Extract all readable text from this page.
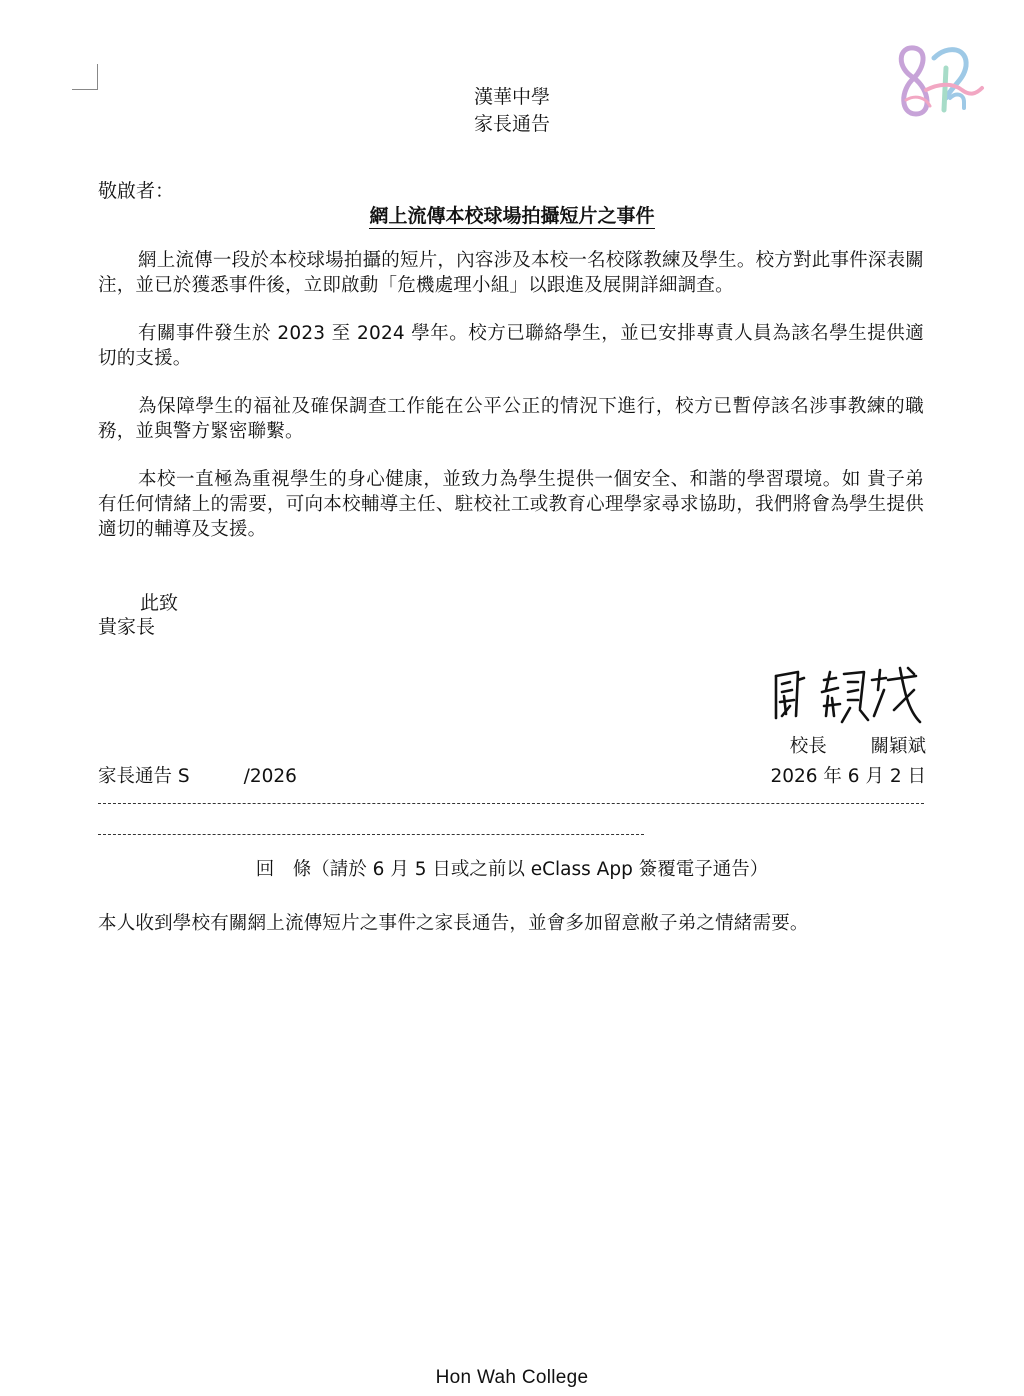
漢華中學
家長通告
敬啟者：
網上流傳本校球場拍攝短片之事件
網上流傳一段於本校球場拍攝的短片，內容涉及本校一名校隊教練及學生。校方對此事件深表關注，並已於獲悉事件後，立即啟動「危機處理小組」以跟進及展開詳細調查。
有關事件發生於 2023 至 2024 學年。校方已聯絡學生，並已安排專責人員為該名學生提供適切的支援。
為保障學生的福祉及確保調查工作能在公平公正的情況下進行，校方已暫停該名涉事教練的職務，並與警方緊密聯繫。
本校一直極為重視學生的身心健康，並致力為學生提供一個安全、和諧的學習環境。如 貴子弟有任何情緒上的需要，可向本校輔導主任、駐校社工或教育心理學家尋求協助，我們將會為學生提供適切的輔導及支援。
此致
貴家長
校長 關穎斌
家長通告 S	/2026	2026 年 6 月 2 日
回　條（請於 6 月 5 日或之前以 eClass App 簽覆電子通告）
本人收到學校有關網上流傳短片之事件之家長通告，並會多加留意敝子弟之情緒需要。
Hon Wah College
